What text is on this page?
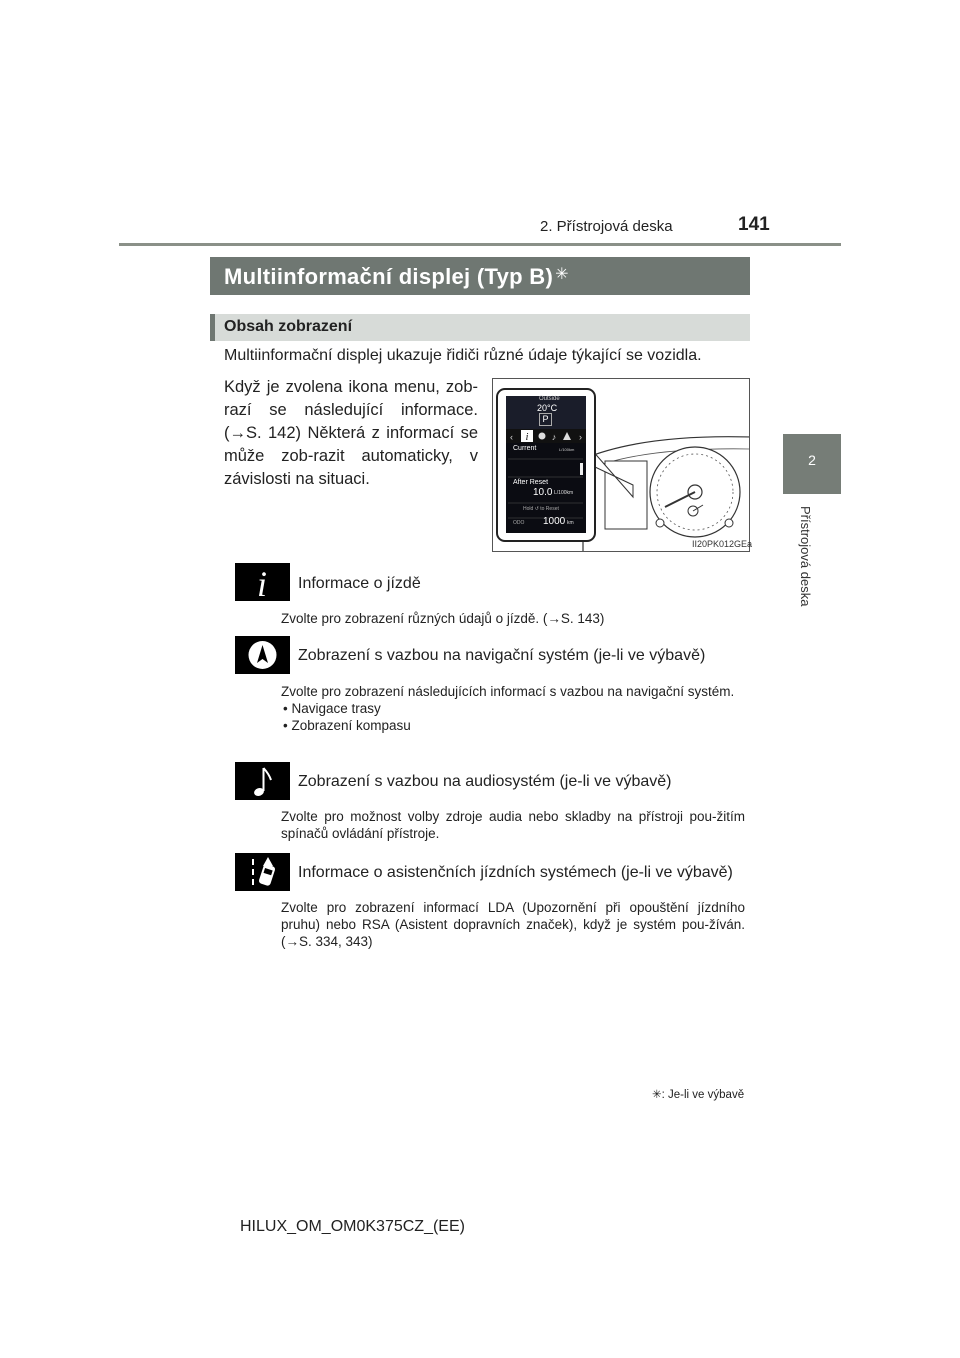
2. Přístrojová deska	141
2
Přístrojová deska
Multiinformační displej (Typ B) ✳
Obsah zobrazení
Multiinformační displej ukazuje řidiči různé údaje týkající se vozidla.
Když je zvolena ikona menu, zob-razí se následující informace. (→S. 142) Některá z informací se může zob-razit automaticky, v závislosti na situaci.
i	♪
‹	›
Outside
20°C
P
Current	L/100km
After Reset
10.0 L/100km
Hold ↺ to Reset
ODO 1000 km
II20PK012GEa
i Informace o jízdě
Zvolte pro zobrazení různých údajů o jízdě. (→S. 143)
Zobrazení s vazbou na navigační systém (je-li ve výbavě)
Zvolte pro zobrazení následujících informací s vazbou na navigační systém.
• Navigace trasy
• Zobrazení kompasu
Zobrazení s vazbou na audiosystém (je-li ve výbavě)
Zvolte pro možnost volby zdroje audia nebo skladby na přístroji pou-žitím spínačů ovládání přístroje.
Informace o asistenčních jízdních systémech (je-li ve výbavě)
Zvolte pro zobrazení informací LDA (Upozornění při opouštění jízdního pruhu) nebo RSA (Asistent dopravních značek), když je systém pou-žíván. (→S. 334, 343)
✳: Je-li ve výbavě
HILUX_OM_OM0K375CZ_(EE)
